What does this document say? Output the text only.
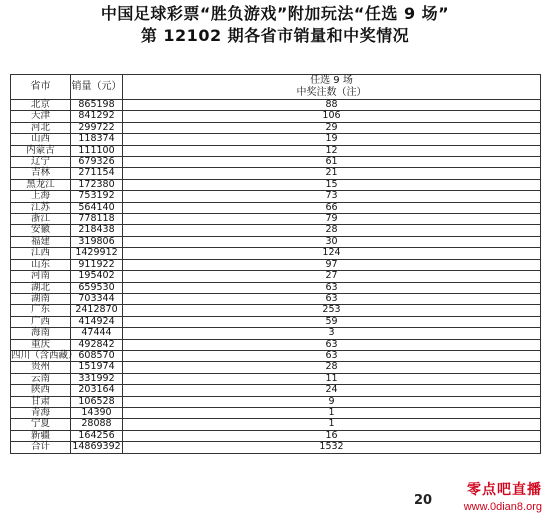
中国足球彩票“胜负游戏”附加玩法“任选 9 场”
第 12102 期各省市销量和中奖情况
省市	销量（元）	任选 9 场
中奖注数（注）

北京	865198	88
天津	841292	106
河北	299722	29
山西	118374	19
内蒙古	111100	12
辽宁	679326	61
吉林	271154	21
黑龙江	172380	15
上海	753192	73
江苏	564140	66
浙江	778118	79
安徽	218438	28
福建	319806	30
江西	1429912	124
山东	911922	97
河南	195402	27
湖北	659530	63
湖南	703344	63
广东	2412870	253
广西	414924	59
海南	47444	3
重庆	492842	63
四川（含西藏）	608570	63
贵州	151974	28
云南	331992	11
陕西	203164	24
甘肃	106528	9
青海	14390	1
宁夏	28088	1
新疆	164256	16
合计	14869392	1532
20
零点吧直播
www.0dian8.org
